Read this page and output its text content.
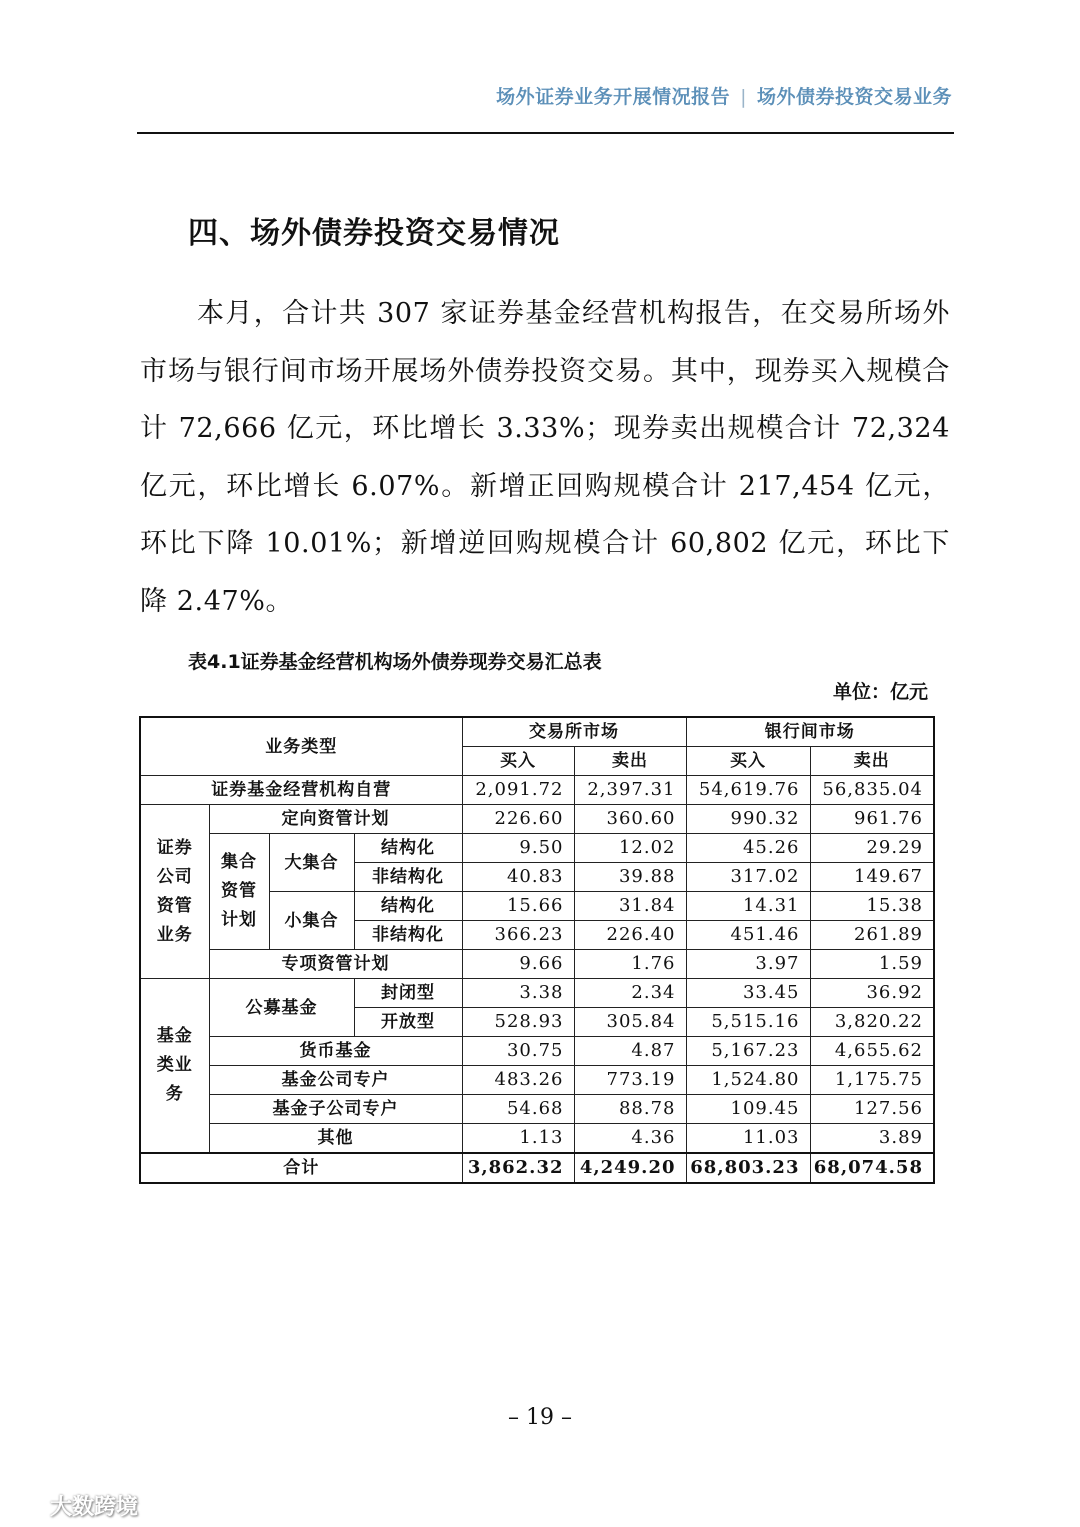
场外证券业务开展情况报告 | 场外债券投资交易业务
四、场外债券投资交易情况
本月，合计共 307 家证券基金经营机构报告，在交易所场外市场与银行间市场开展场外债券投资交易。其中，现券买入规模合计 72,666 亿元，环比增长 3.33%；现券卖出规模合计 72,324 亿元，环比增长 6.07%。新增正回购规模合计 217,454 亿元，环比下降 10.01%；新增逆回购规模合计 60,802 亿元，环比下降 2.47%。
表4.1证券基金经营机构场外债券现券交易汇总表
单位：亿元
业务类型				交易所市场		银行间市场	
				买入	卖出	买入	卖出
证券基金经营机构自营				2,091.72	2,397.31	54,619.76	56,835.04

证券公司资管业务	定向资管计划			226.60	360.60	990.32	961.76

	集合资管计划	大集合	结构化	9.50	12.02	45.26	29.29
			非结构化	40.83	39.88	317.02	149.67
		小集合	结构化	15.66	31.84	14.31	15.38
			非结构化	366.23	226.40	451.46	261.89
	专项资管计划			9.66	1.76	3.97	1.59

基金类业务	公募基金		封闭型	3.38	2.34	33.45	36.92
			开放型	528.93	305.84	5,515.16	3,820.22
	货币基金			30.75	4.87	5,167.23	4,655.62
	基金公司专户			483.26	773.19	1,524.80	1,175.75
	基金子公司专户			54.68	88.78	109.45	127.56
	其他			1.13	4.36	11.03	3.89
合计				3,862.32	4,249.20	68,803.23	68,074.58
– 19 –
大数跨境
